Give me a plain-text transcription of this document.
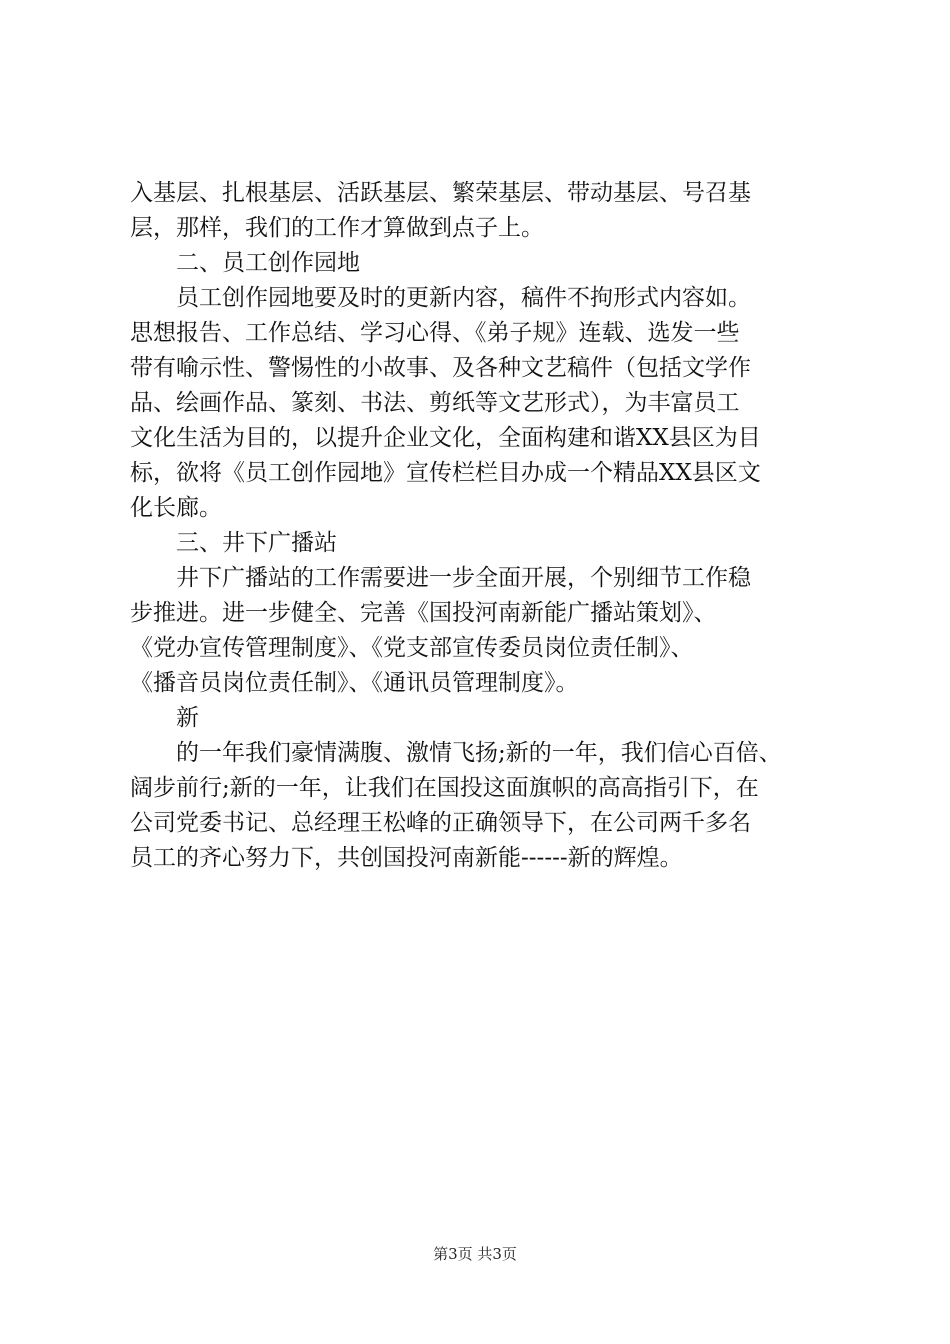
入基层、扎根基层、活跃基层、繁荣基层、带动基层、号召基
层，那样，我们的工作才算做到点子上。
　　二、员工创作园地
　　员工创作园地要及时的更新内容，稿件不拘形式内容如。
思想报告、工作总结、学习心得、《弟子规》连载、选发一些
带有喻示性、警惕性的小故事、及各种文艺稿件（包括文学作
品、绘画作品、篆刻、书法、剪纸等文艺形式），为丰富员工
文化生活为目的，以提升企业文化，全面构建和谐XX县区为目
标，欲将《员工创作园地》宣传栏栏目办成一个精品XX县区文
化长廊。
　　三、井下广播站
　　井下广播站的工作需要进一步全面开展，个别细节工作稳
步推进。进一步健全、完善《国投河南新能广播站策划》、
《党办宣传管理制度》、《党支部宣传委员岗位责任制》、
《播音员岗位责任制》、《通讯员管理制度》。
　　新
　　的一年我们豪情满腹、激情飞扬;新的一年，我们信心百倍、
阔步前行;新的一年，让我们在国投这面旗帜的高高指引下，在
公司党委书记、总经理王松峰的正确领导下，在公司两千多名
员工的齐心努力下，共创国投河南新能------新的辉煌。
第3页 共3页
